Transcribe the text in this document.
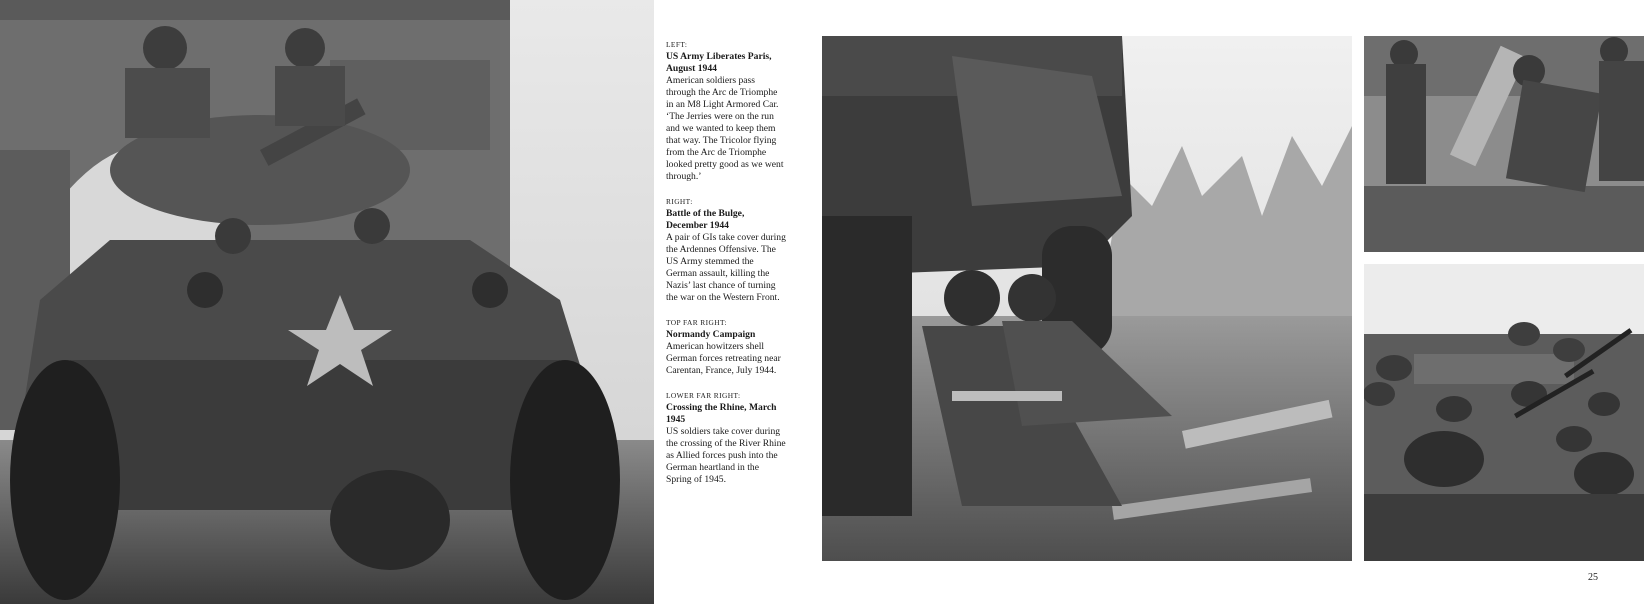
LEFT:
US Army Liberates Paris, August 1944
American soldiers pass through the Arc de Triomphe in an M8 Light Armored Car. ‘The Jerries were on the run and we wanted to keep them that way. The Tricolor flying from the Arc de Triomphe looked pretty good as we went through.’
RIGHT:
Battle of the Bulge, December 1944
A pair of GIs take cover during the Ardennes Offensive. The US Army stemmed the German assault, killing the Nazis’ last chance of turning the war on the Western Front.
TOP FAR RIGHT:
Normandy Campaign
American howitzers shell German forces retreating near Carentan, France, July 1944.
LOWER FAR RIGHT:
Crossing the Rhine, March 1945
US soldiers take cover during the crossing of the River Rhine as Allied forces push into the German heartland in the Spring of 1945.
25
